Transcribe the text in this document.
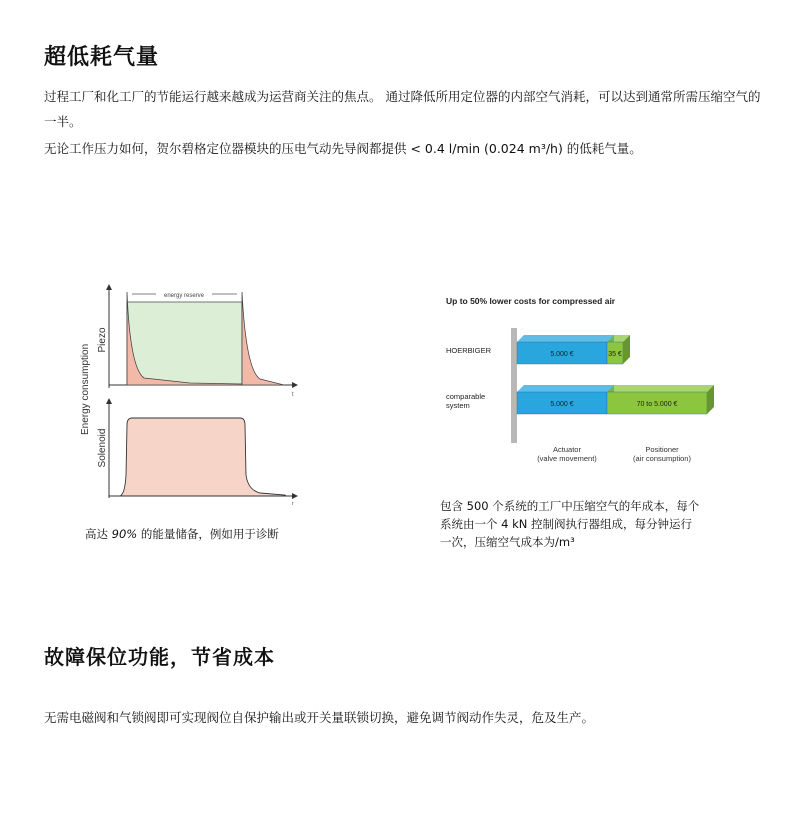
超低耗气量
过程工厂和化工厂的节能运行越来越成为运营商关注的焦点。 通过降低所用定位器的内部空气消耗，可以达到通常所需压缩空气的一半。
无论工作压力如何，贺尔碧格定位器模块的压电气动先导阀都提供 < 0.4 l/min (0.024 m³/h) 的低耗气量。
Energy consumption
energy reserve
Piezo
t
Solenoid
t
高达 90% 的能量储备，例如用于诊断
Up to 50% lower costs for compressed air
5.000 €	35 €
5.000 €	70 to 5.000 €
HOERBIGER
comparable
system
Actuator
(valve movement)
Positioner
(air consumption)
包含 500 个系统的工厂中压缩空气的年成本，每个
系统由一个 4 kN 控制阀执行器组成，每分钟运行
一次，压缩空气成本为/m³
故障保位功能，节省成本
无需电磁阀和气锁阀即可实现阀位自保护输出或开关量联锁切换，避免调节阀动作失灵，危及生产。
